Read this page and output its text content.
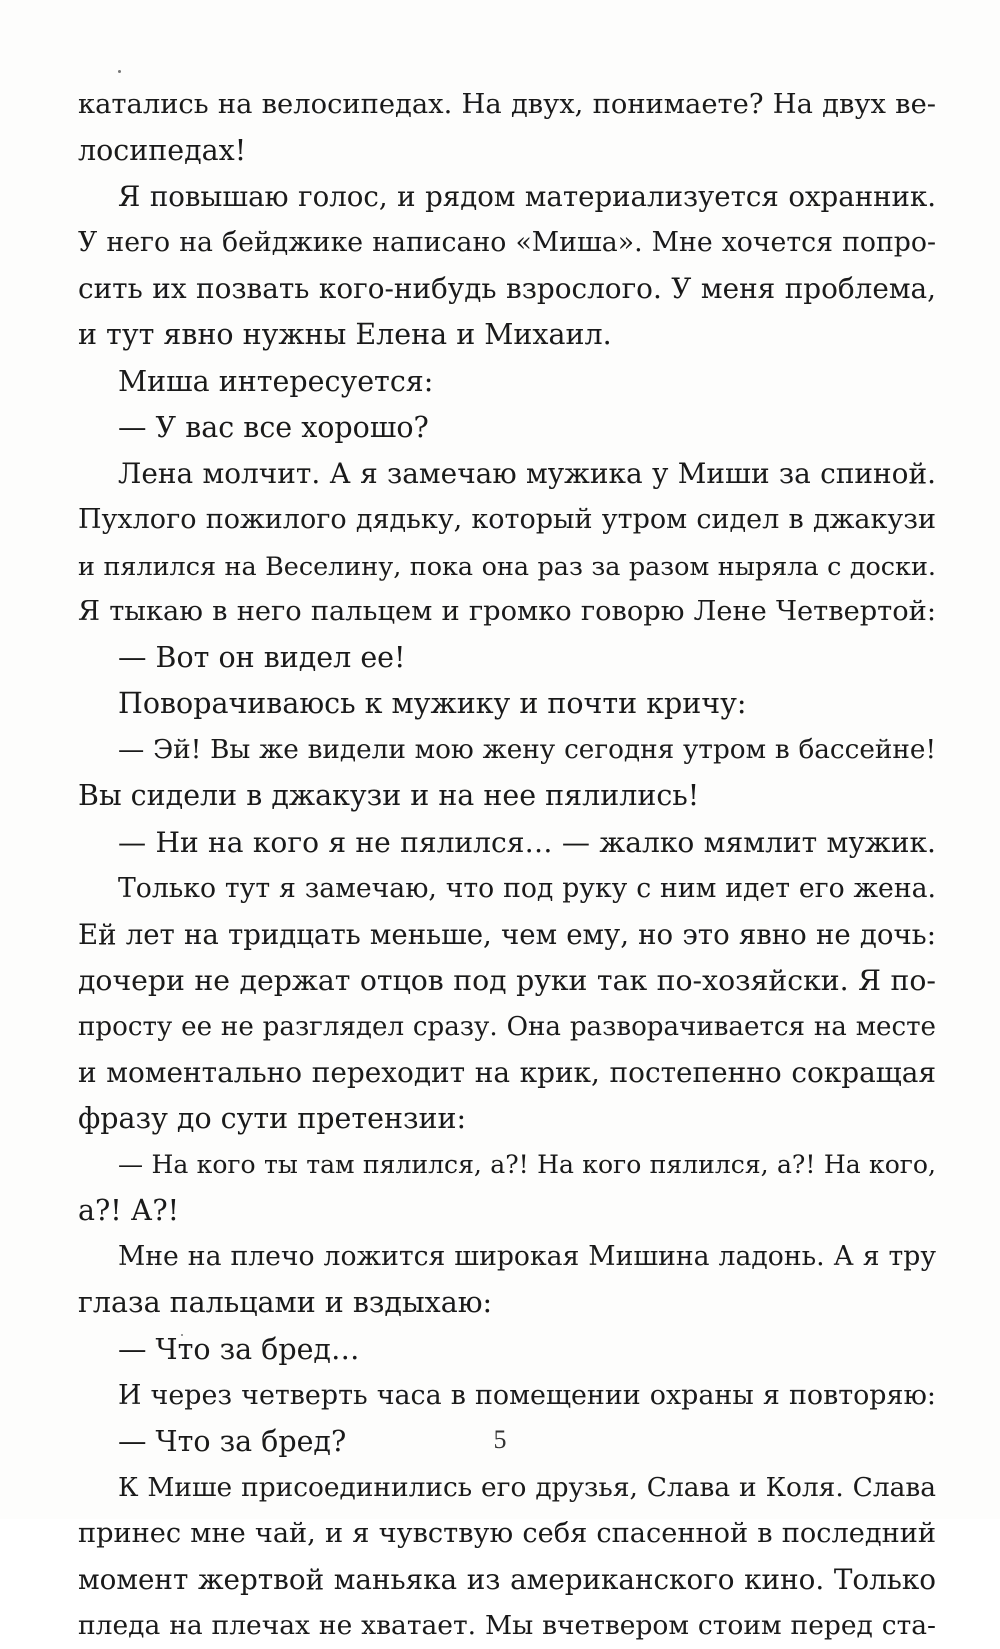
катались на велосипедах. На двух, понимаете? На двух ве-
лосипедах!
Я повышаю голос, и рядом материализуется охранник.
У него на бейджике написано «Миша». Мне хочется попро-
сить их позвать кого-нибудь взрослого. У меня проблема,
и тут явно нужны Елена и Михаил.
Миша интересуется:
— У вас все хорошо?
Лена молчит. А я замечаю мужика у Миши за спиной.
Пухлого пожилого дядьку, который утром сидел в джакузи
и пялился на Веселину, пока она раз за разом ныряла с доски.
Я тыкаю в него пальцем и громко говорю Лене Четвертой:
— Вот он видел ее!
Поворачиваюсь к мужику и почти кричу:
— Эй! Вы же видели мою жену сегодня утром в бассейне!
Вы сидели в джакузи и на нее пялились!
— Ни на кого я не пялился… — жалко мямлит мужик.
Только тут я замечаю, что под руку с ним идет его жена.
Ей лет на тридцать меньше, чем ему, но это явно не дочь:
дочери не держат отцов под руки так по-хозяйски. Я по-
просту ее не разглядел сразу. Она разворачивается на месте
и моментально переходит на крик, постепенно сокращая
фразу до сути претензии:
— На кого ты там пялился, а?! На кого пялился, а?! На кого,
а?! А?!
Мне на плечо ложится широкая Мишина ладонь. А я тру
глаза пальцами и вздыхаю:
— Что за бред…
И через четверть часа в помещении охраны я повторяю:
— Что за бред?
К Мише присоединились его друзья, Слава и Коля. Слава
принес мне чай, и я чувствую себя спасенной в последний
момент жертвой маньяка из американского кино. Только
пледа на плечах не хватает. Мы вчетвером стоим перед ста-
5
